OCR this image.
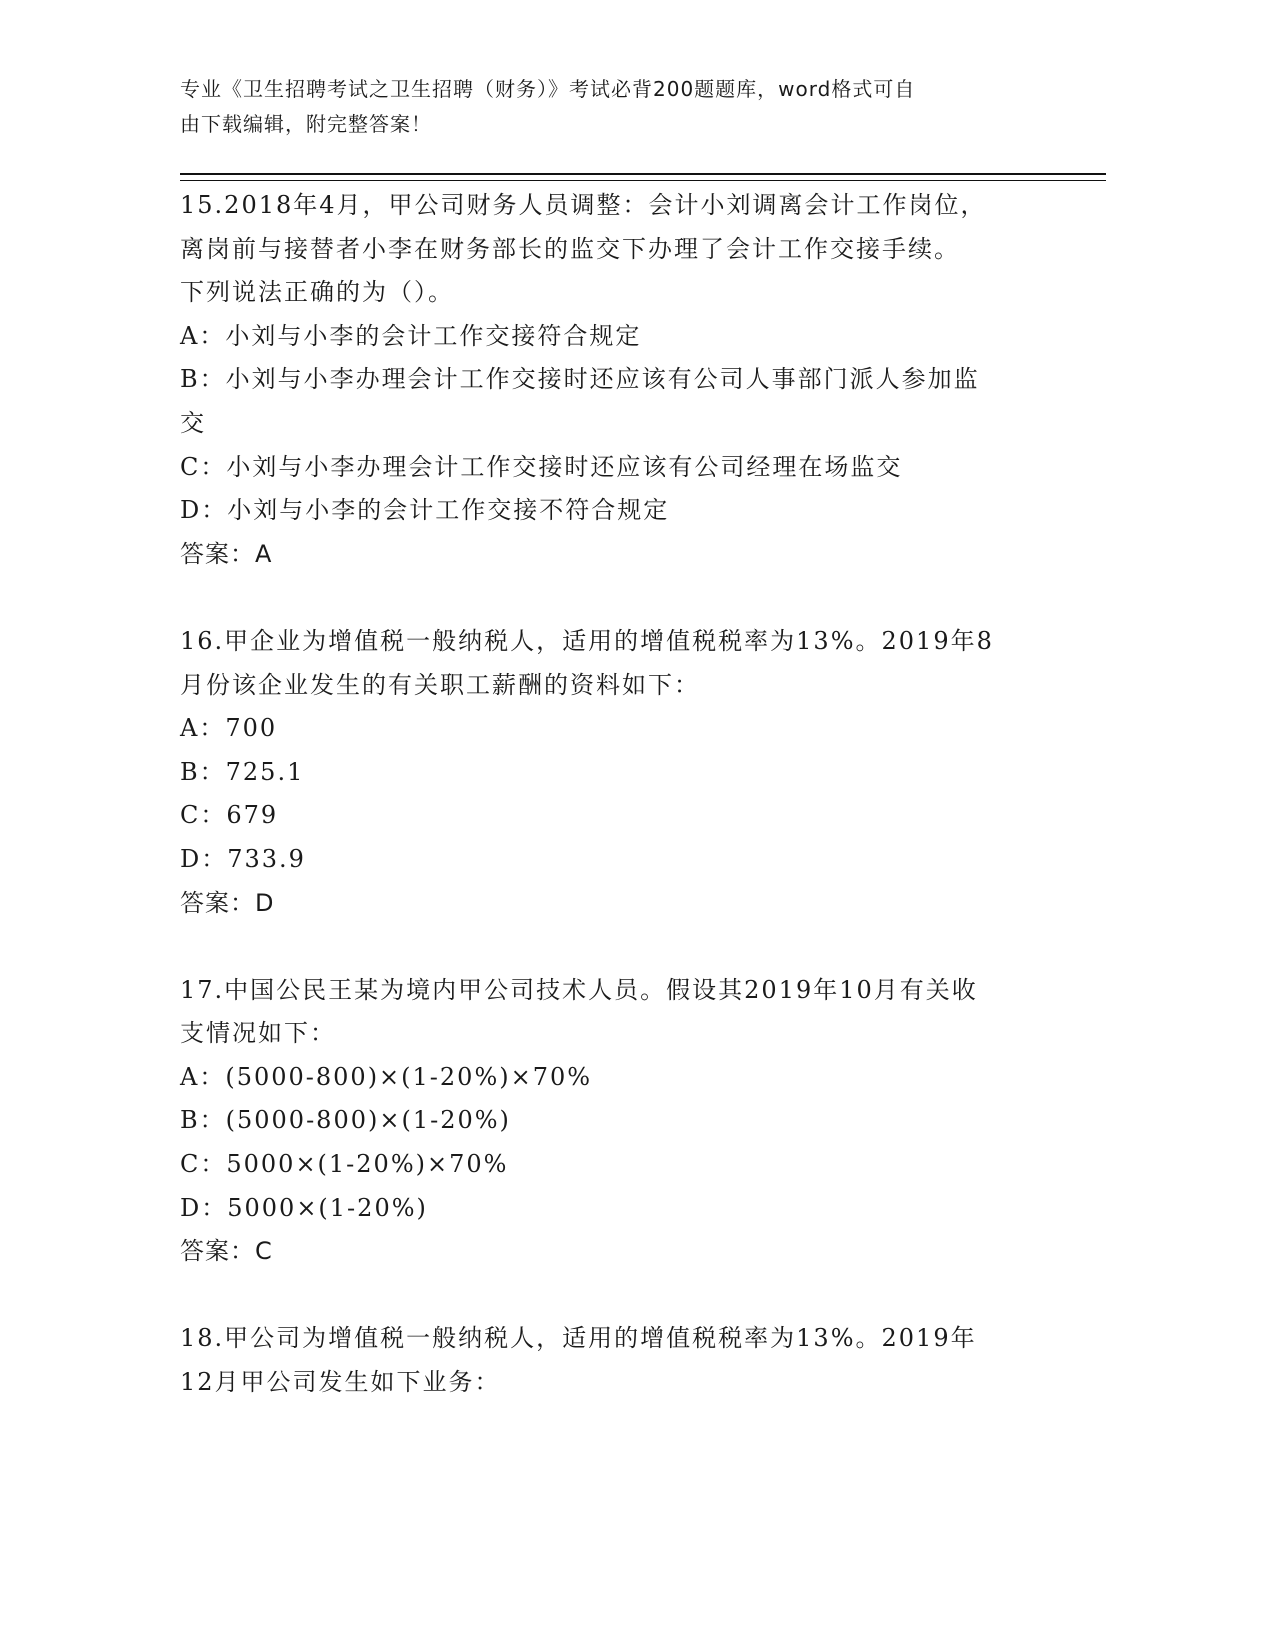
专业《卫生招聘考试之卫生招聘（财务）》考试必背200题题库，word格式可自
由下载编辑，附完整答案！
15.2018年4月，甲公司财务人员调整：会计小刘调离会计工作岗位，
离岗前与接替者小李在财务部长的监交下办理了会计工作交接手续。
下列说法正确的为（）。
A：小刘与小李的会计工作交接符合规定
B：小刘与小李办理会计工作交接时还应该有公司人事部门派人参加监
交
C：小刘与小李办理会计工作交接时还应该有公司经理在场监交
D：小刘与小李的会计工作交接不符合规定
答案：A
16.甲企业为增值税一般纳税人，适用的增值税税率为13%。2019年8
月份该企业发生的有关职工薪酬的资料如下：
A：700
B：725.1
C：679
D：733.9
答案：D
17.中国公民王某为境内甲公司技术人员。假设其2019年10月有关收
支情况如下：
A：(5000-800)×(1-20%)×70%
B：(5000-800)×(1-20%)
C：5000×(1-20%)×70%
D：5000×(1-20%)
答案：C
18.甲公司为增值税一般纳税人，适用的增值税税率为13%。2019年
12月甲公司发生如下业务：
